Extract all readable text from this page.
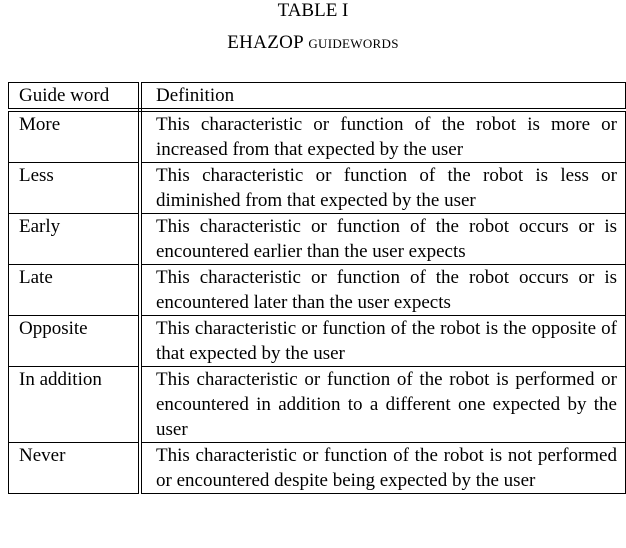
TABLE I
EHAZOP guidewords
Guide word	Definition
More	This characteristic or function of the robot is more or increased from that expected by the user
Less	This characteristic or function of the robot is less or diminished from that expected by the user
Early	This characteristic or function of the robot occurs or is encountered earlier than the user expects
Late	This characteristic or function of the robot occurs or is encountered later than the user expects
Opposite	This characteristic or function of the robot is the opposite of that expected by the user
In addition	This characteristic or function of the robot is performed or encountered in addition to a different one expected by the user
Never	This characteristic or function of the robot is not performed or encountered despite being expected by the user
